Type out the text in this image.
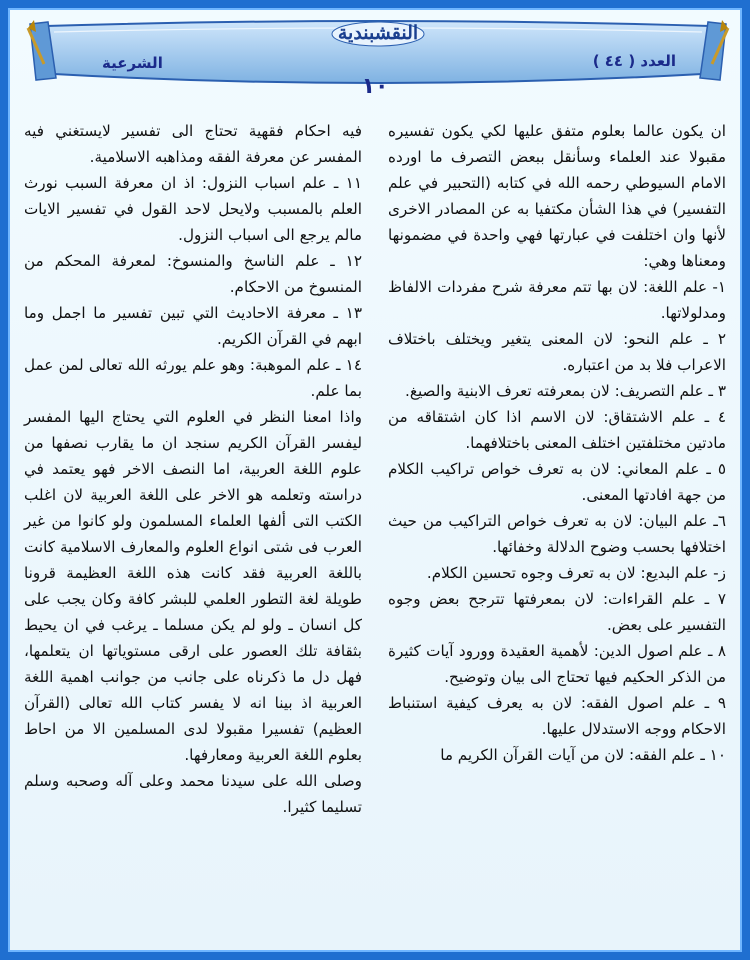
النقشبندية
العدد ( ٤٤ )
الشرعية
١٠

فيه احكام فقهية تحتاج الى تفسير لايستغني فيه المفسر عن معرفة الفقه ومذاهبه الاسلامية.

١١ ـ علم اسباب النزول: اذ ان معرفة السبب نورث العلم بالمسبب ولايحل لاحد القول في تفسير الايات مالم يرجع الى اسباب النزول.

١٢ ـ علم الناسخ والمنسوخ: لمعرفة المحكم من المنسوخ من الاحكام.

١٣ ـ معرفة الاحاديث التي تبين تفسير ما اجمل وما ابهم في القرآن الكريم.

١٤ ـ علم الموهبة: وهو علم يورثه الله تعالى لمن عمل بما علم.

واذا امعنا النظر في العلوم التي يحتاج اليها المفسر ليفسر القرآن الكريم سنجد ان ما يقارب نصفها من علوم اللغة العربية، اما النصف الاخر فهو يعتمد في دراسته وتعلمه هو الاخر على اللغة العربية لان اغلب الكتب التى ألفها العلماء المسلمون ولو كانوا من غير العرب فى شتى انواع العلوم والمعارف الاسلامية كانت باللغة العربية فقد كانت هذه اللغة العظيمة قرونا طويلة لغة التطور العلمي للبشر كافة وكان يجب على كل انسان ـ ولو لم يكن مسلما ـ يرغب في ان يحيط بثقافة تلك العصور على ارقى مستوياتها ان يتعلمها، فهل دل ما ذكرناه على جانب من جوانب اهمية اللغة العربية اذ بينا انه لا يفسر كتاب الله تعالى (القرآن العظيم) تفسيرا مقبولا لدى المسلمين الا من احاط بعلوم اللغة العربية ومعارفها.

وصلى الله على سيدنا محمد وعلى آله وصحبه وسلم تسليما كثيرا.

ان يكون عالما بعلوم متفق عليها لكي يكون تفسيره مقبولا عند العلماء وسأنقل ببعض التصرف ما اورده الامام السيوطي رحمه الله في كتابه (التحبير في علم التفسير) في هذا الشأن مكتفيا به عن المصادر الاخرى لأنها وان اختلفت في عبارتها فهي واحدة في مضمونها ومعناها وهي:

١- علم اللغة: لان بها تتم معرفة شرح مفردات الالفاظ ومدلولاتها.

٢ ـ علم النحو: لان المعنى يتغير ويختلف باختلاف الاعراب فلا بد من اعتباره.

٣ ـ علم التصريف: لان بمعرفته تعرف الابنية والصيغ.

٤ ـ علم الاشتقاق: لان الاسم اذا كان اشتقاقه من مادتين مختلفتين اختلف المعنى باختلافهما.

٥ ـ علم المعاني: لان به تعرف خواص تراكيب الكلام من جهة افادتها المعنى.

٦ـ علم البيان: لان به تعرف خواص التراكيب من حيث اختلافها بحسب وضوح الدلالة وخفائها.

ز- علم البديع: لان به تعرف وجوه تحسين الكلام.

٧ ـ علم القراءات: لان بمعرفتها تترجح بعض وجوه التفسير على بعض.

٨ ـ علم اصول الدين: لأهمية العقيدة وورود آيات كثيرة من الذكر الحكيم فيها تحتاج الى بيان وتوضيح.

٩ ـ علم اصول الفقه: لان به يعرف كيفية استنباط الاحكام ووجه الاستدلال عليها.

١٠ ـ علم الفقه: لان من آيات القرآن الكريم ما
